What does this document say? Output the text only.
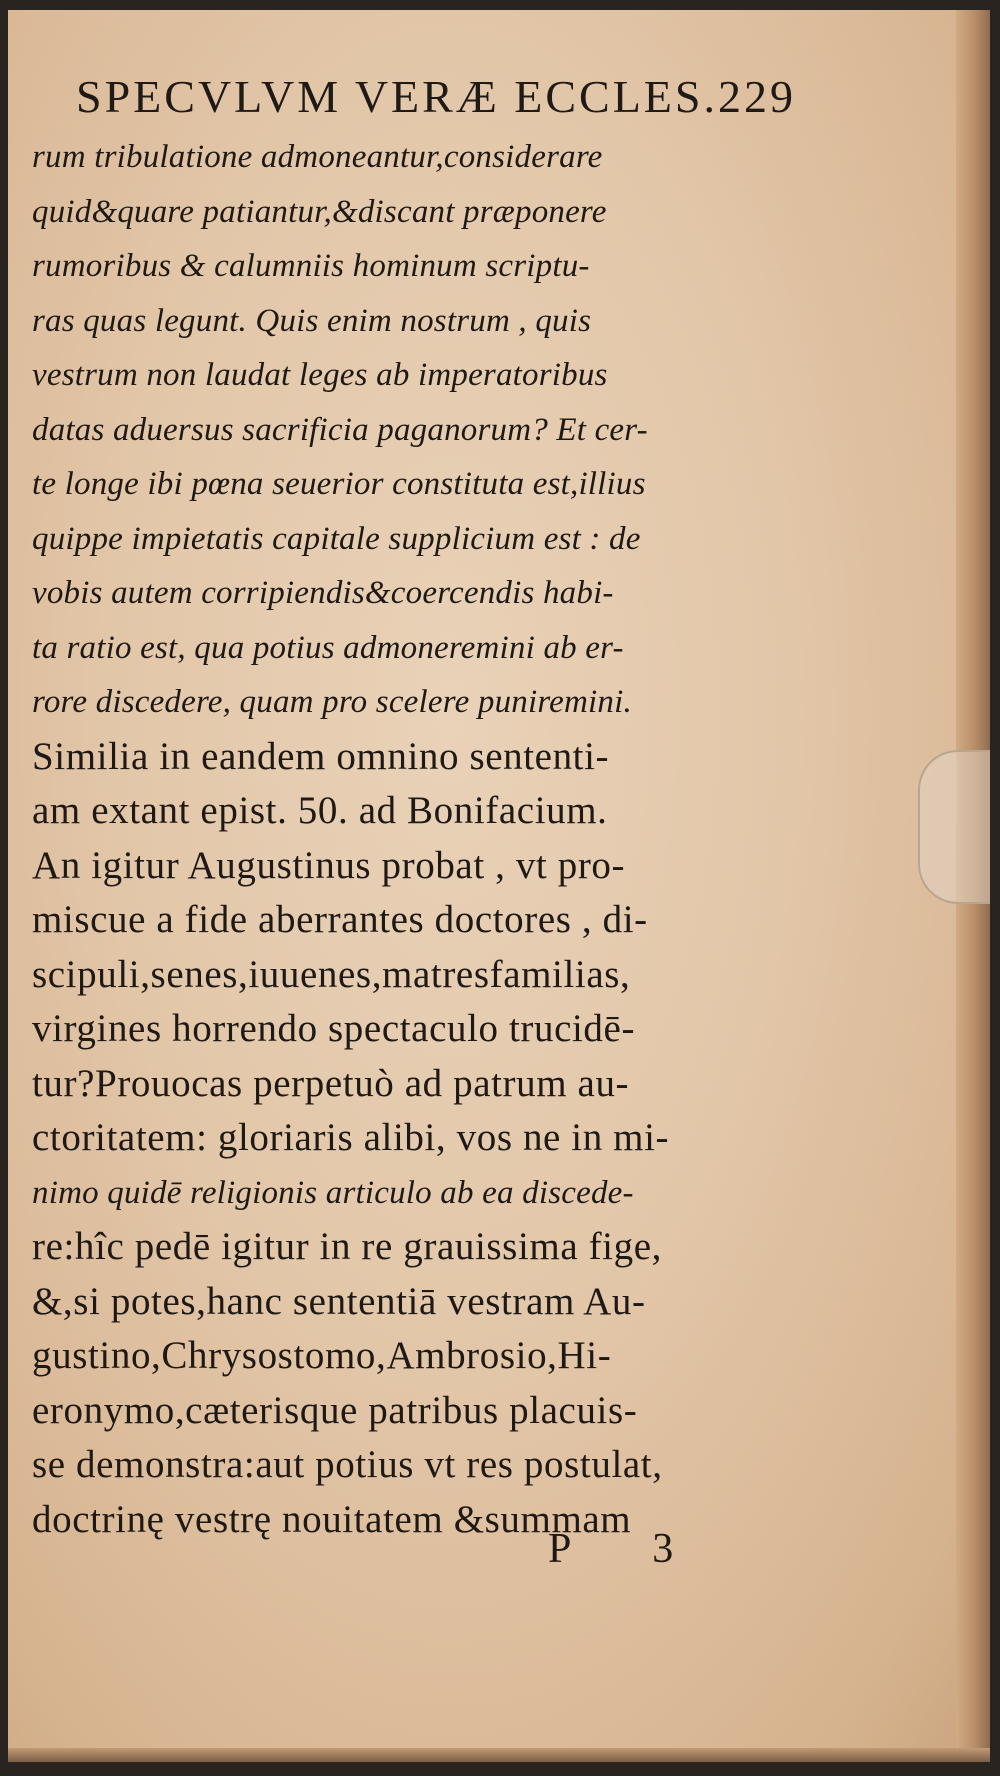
SPECVLVM VERÆ ECCLES.229
rum tribulatione admoneantur,considerare
quid&quare patiantur,&discant præponere
rumoribus & calumniis hominum scriptu-
ras quas legunt. Quis enim nostrum , quis
vestrum non laudat leges ab imperatoribus
datas aduersus sacrificia paganorum? Et cer-
te longe ibi pœna seuerior constituta est,illius
quippe impietatis capitale supplicium est : de
vobis autem corripiendis&coercendis habi-
ta ratio est, qua potius admoneremini ab er-
rore discedere, quam pro scelere puniremini.
Similia in eandem omnino sententi-
am extant epist. 50. ad Bonifacium.
An igitur Augustinus probat , vt pro-
miscue a fide aberrantes doctores , di-
scipuli,senes,iuuenes,matresfamilias,
virgines horrendo spectaculo trucidē-
tur?Prouocas perpetuò ad patrum au-
ctoritatem: gloriaris alibi, vos ne in mi-
nimo quidē religionis articulo ab ea discede-
re:hîc pedē igitur in re grauissima fige,
&,si potes,hanc sententiā vestram Au-
gustino,Chrysostomo,Ambrosio,Hi-
eronymo,cæterisque patribus placuis-
se demonstra:aut potius vt res postulat,
doctrinę vestrę nouitatem &summam
P 3
